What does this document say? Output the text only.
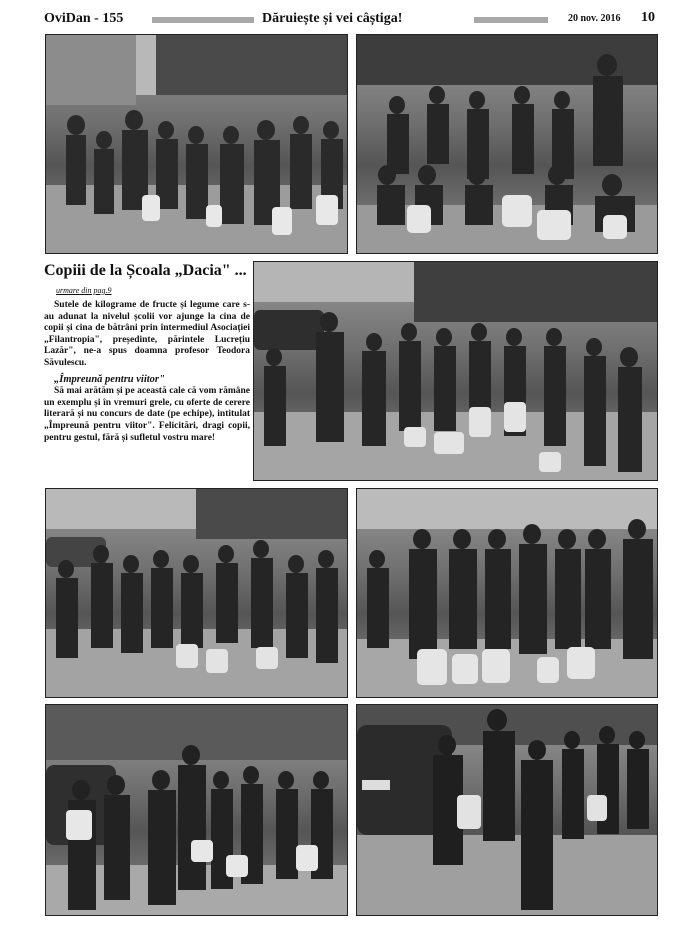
OviDan - 155	Dăruiește și vei câștiga!	20 nov. 2016 10
Copiii de la Școala „Dacia" ...
urmare din pag.9

Sutele de kilograme de fructe și legume care s-au adunat la nivelul școlii vor ajunge la cina de copii și cina de bătrâni prin intermediul Asociației „Filantropia", președinte, părintele Lucrețiu Lazăr", ne-a spus doamna profesor Teodora Săvulescu.

„Împreună pentru viitor"

Să mai arătăm și pe această cale că vom rămâne un exemplu și în vremuri grele, cu oferte de cerere literară și nu concurs de date (pe echipe), intitulat „Împreună pentru viitor". Felicitări, dragi copii, pentru gestul, fără și sufletul vostru mare!
